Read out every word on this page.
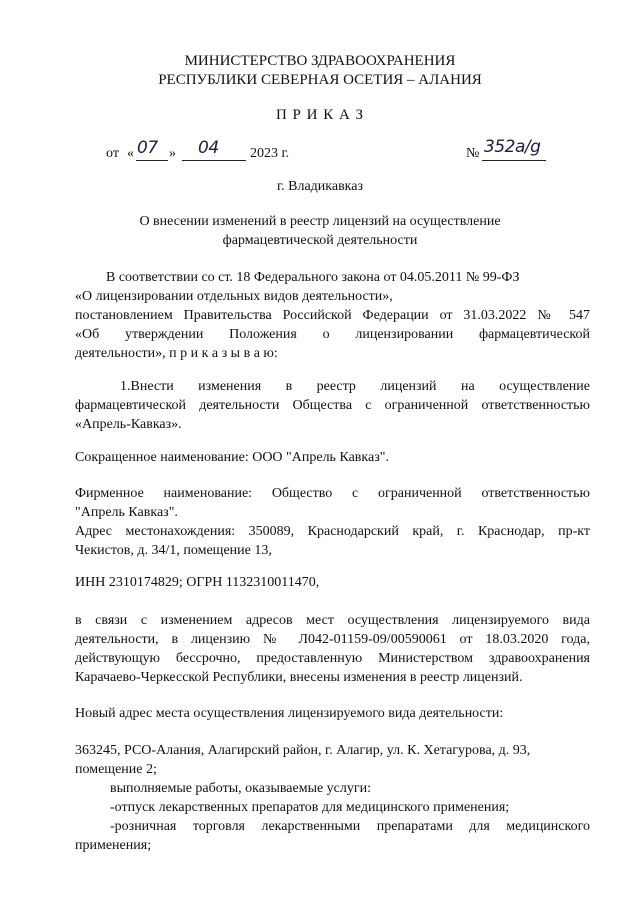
МИНИСТЕРСТВО ЗДРАВООХРАНЕНИЯ

РЕСПУБЛИКИ СЕВЕРНАЯ ОСЕТИЯ – АЛАНИЯ

П Р И К А З

от « 07 » 04 2023 г.	№ 352a/g

г. Владикавказ

О внесении изменений в реестр лицензий на осуществление

фармацевтической деятельности

В соответствии со ст. 18 Федерального закона от 04.05.2011 № 99-ФЗ

«О лицензировании отдельных видов деятельности»,

постановлением Правительства Российской Федерации от 31.03.2022 № 547

«Об утверждении Положения о лицензировании фармацевтической

деятельности», п р и к а з ы в а ю:

1.Внести изменения в реестр лицензий на осуществление

фармацевтической деятельности Общества с ограниченной ответственностью

«Апрель-Кавказ».

Сокращенное наименование: ООО "Апрель Кавказ".

Фирменное наименование: Общество с ограниченной ответственностью

"Апрель Кавказ".

Адрес местонахождения: 350089, Краснодарский край, г. Краснодар, пр-кт

Чекистов, д. 34/1, помещение 13,

ИНН 2310174829; ОГРН 1132310011470,

в связи с изменением адресов мест осуществления лицензируемого вида

деятельности, в лицензию № Л042-01159-09/00590061 от 18.03.2020 года,

действующую бессрочно, предоставленную Министерством здравоохранения

Карачаево-Черкесской Республики, внесены изменения в реестр лицензий.

Новый адрес места осуществления лицензируемого вида деятельности:

363245, РСО-Алания, Алагирский район, г. Алагир, ул. К. Хетагурова, д. 93,

помещение 2;

выполняемые работы, оказываемые услуги:

-отпуск лекарственных препаратов для медицинского применения;

-розничная торговля лекарственными препаратами для медицинского

применения;
